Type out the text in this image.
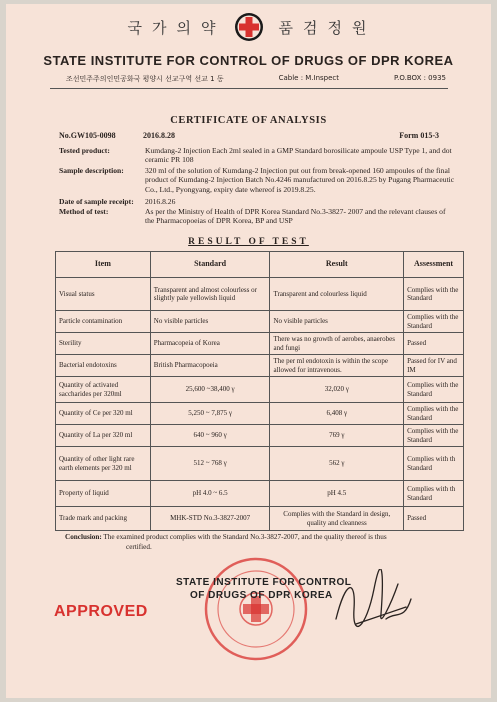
국 가 의 약	품 검 정 원
STATE INSTITUTE FOR CONTROL OF DRUGS OF DPR KOREA
조선민주주의인민공화국 평양시 선교구역 선교 1 동	Cable : M.Inspect	P.O.BOX : 0935
CERTIFICATE OF ANALYSIS
No.GW105-0098	2016.8.28	Form 015-3
Tested product:	Kumdang-2 Injection Each 2ml sealed in a GMP Standard borosilicate ampoule USP Type 1, and dot ceramic PR 108
Sample description:	320 ml of the solution of Kumdang-2 Injection put out from break-opened 160 ampoules of the final product of Kumdang-2 Injection Batch No.4246 manufactured on 2016.8.25 by Pugang Pharmaceutic Co., Ltd., Pyongyang, expiry date whereof is 2019.8.25.
Date of sample receipt: 2016.8.26
Method of test:	As per the Ministry of Health of DPR Korea Standard No.3-3827- 2007 and the relevant clauses of the Pharmacopoeias of DPR Korea, BP and USP
RESULT OF TEST
Item	Standard	Result	Assessment
Visual status	Transparent and almost colourless or slightly pale yellowish liquid	Transparent and colourless liquid	Complies with the Standard
Particle contamination	No visible particles	No visible particles	Complies with the Standard
Sterility	Pharmacopeia of Korea	There was no growth of aerobes, anaerobes and fungi	Passed
Bacterial endotoxins	British Pharmacopoeia	The per ml endotoxin is within the scope allowed for intravenous.	Passed for IV and IM
Quantity of activated saccharides per 320ml	25,600 ~38,400 γ	32,020 γ	Complies with the Standard
Quantity of Ce per 320 ml	5,250 ~ 7,875 γ	6,408 γ	Complies with the Standard
Quantity of La per 320 ml	640 ~ 960 γ	769 γ	Complies with the Standard
Quantity of other light rare earth elements per 320 ml	512 ~ 768 γ	562 γ	Complies with th Standard
Property of liquid	pH 4.0 ~ 6.5	pH 4.5	Complies with th Standard
Trade mark and packing	MHK-STD No.3-3827-2007	Complies with the Standard in design, quality and cleanness	Passed
Conclusion: The examined product complies with the Standard No.3-3827-2007, and the quality thereof is thus
certified.
STATE INSTITUTE FOR CONTROL
OF DRUGS OF DPR KOREA
APPROVED
